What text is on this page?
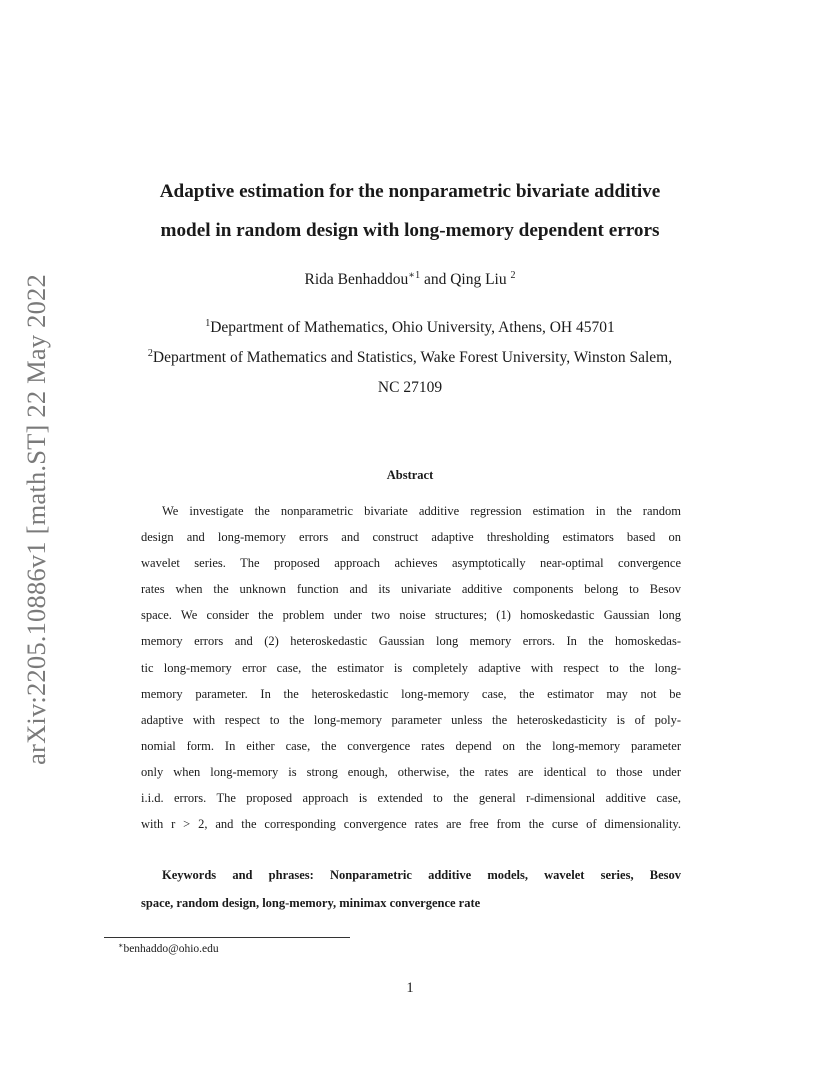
arXiv:2205.10886v1 [math.ST] 22 May 2022
Adaptive estimation for the nonparametric bivariate additive
model in random design with long-memory dependent errors
Rida Benhaddou$^{∗1}$ and Qing Liu $^2$
$^1$Department of Mathematics, Ohio University, Athens, OH 45701
$^2$Department of Mathematics and Statistics, Wake Forest University, Winston Salem,
NC 27109
Abstract
We investigate the nonparametric bivariate additive regression estimation in the random
design and long-memory errors and construct adaptive thresholding estimators based on
wavelet series. The proposed approach achieves asymptotically near-optimal convergence
rates when the unknown function and its univariate additive components belong to Besov
space. We consider the problem under two noise structures; (1) homoskedastic Gaussian long
memory errors and (2) heteroskedastic Gaussian long memory errors. In the homoskedas-
tic long-memory error case, the estimator is completely adaptive with respect to the long-
memory parameter. In the heteroskedastic long-memory case, the estimator may not be
adaptive with respect to the long-memory parameter unless the heteroskedasticity is of poly-
nomial form. In either case, the convergence rates depend on the long-memory parameter
only when long-memory is strong enough, otherwise, the rates are identical to those under
i.i.d. errors. The proposed approach is extended to the general r-dimensional additive case,
with r > 2, and the corresponding convergence rates are free from the curse of dimensionality.
Keywords and phrases: Nonparametric additive models, wavelet series, Besov
space, random design, long-memory, minimax convergence rate
∗benhaddo@ohio.edu
1
